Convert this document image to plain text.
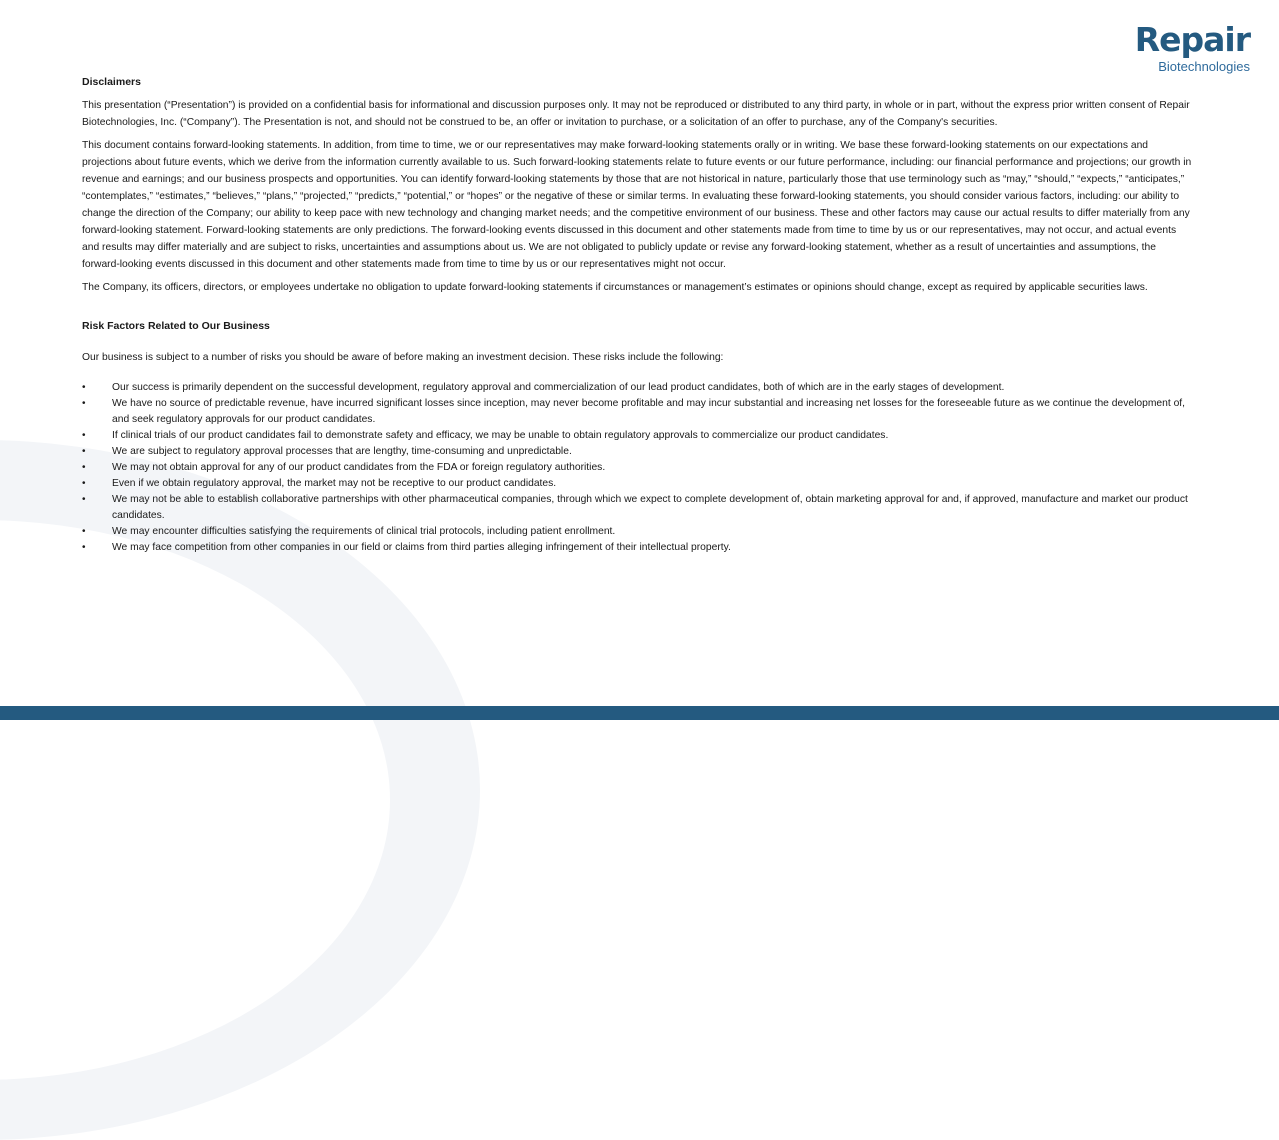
Repair
Biotechnologies

Disclaimers

This presentation (“Presentation”) is provided on a confidential basis for informational and discussion purposes only. It may not be reproduced or distributed to any third party, in whole or in part, without the express prior written consent of Repair Biotechnologies, Inc. (“Company”). The Presentation is not, and should not be construed to be, an offer or invitation to purchase, or a solicitation of an offer to purchase, any of the Company's securities.

This document contains forward-looking statements. In addition, from time to time, we or our representatives may make forward-looking statements orally or in writing. We base these forward-looking statements on our expectations and projections about future events, which we derive from the information currently available to us. Such forward-looking statements relate to future events or our future performance, including: our financial performance and projections; our growth in revenue and earnings; and our business prospects and opportunities. You can identify forward-looking statements by those that are not historical in nature, particularly those that use terminology such as “may,” “should,” “expects,” “anticipates,” “contemplates,” “estimates,” “believes,” “plans,” “projected,” “predicts,” “potential,” or “hopes” or the negative of these or similar terms. In evaluating these forward-looking statements, you should consider various factors, including: our ability to change the direction of the Company; our ability to keep pace with new technology and changing market needs; and the competitive environment of our business. These and other factors may cause our actual results to differ materially from any forward-looking statement. Forward-looking statements are only predictions. The forward-looking events discussed in this document and other statements made from time to time by us or our representatives, may not occur, and actual events and results may differ materially and are subject to risks, uncertainties and assumptions about us. We are not obligated to publicly update or revise any forward-looking statement, whether as a result of uncertainties and assumptions, the forward-looking events discussed in this document and other statements made from time to time by us or our representatives might not occur.

The Company, its officers, directors, or employees undertake no obligation to update forward-looking statements if circumstances or management’s estimates or opinions should change, except as required by applicable securities laws.

Risk Factors Related to Our Business

Our business is subject to a number of risks you should be aware of before making an investment decision. These risks include the following:

•	Our success is primarily dependent on the successful development, regulatory approval and commercialization of our lead product candidates, both of which are in the early stages of development.
•	We have no source of predictable revenue, have incurred significant losses since inception, may never become profitable and may incur substantial and increasing net losses for the foreseeable future as we continue the development of, and seek regulatory approvals for our product candidates.
•	If clinical trials of our product candidates fail to demonstrate safety and efficacy, we may be unable to obtain regulatory approvals to commercialize our product candidates.
•	We are subject to regulatory approval processes that are lengthy, time-consuming and unpredictable.
•	We may not obtain approval for any of our product candidates from the FDA or foreign regulatory authorities.
•	Even if we obtain regulatory approval, the market may not be receptive to our product candidates.
•	We may not be able to establish collaborative partnerships with other pharmaceutical companies, through which we expect to complete development of, obtain marketing approval for and, if approved, manufacture and market our product candidates.
•	We may encounter difficulties satisfying the requirements of clinical trial protocols, including patient enrollment.
•	We may face competition from other companies in our field or claims from third parties alleging infringement of their intellectual property.
